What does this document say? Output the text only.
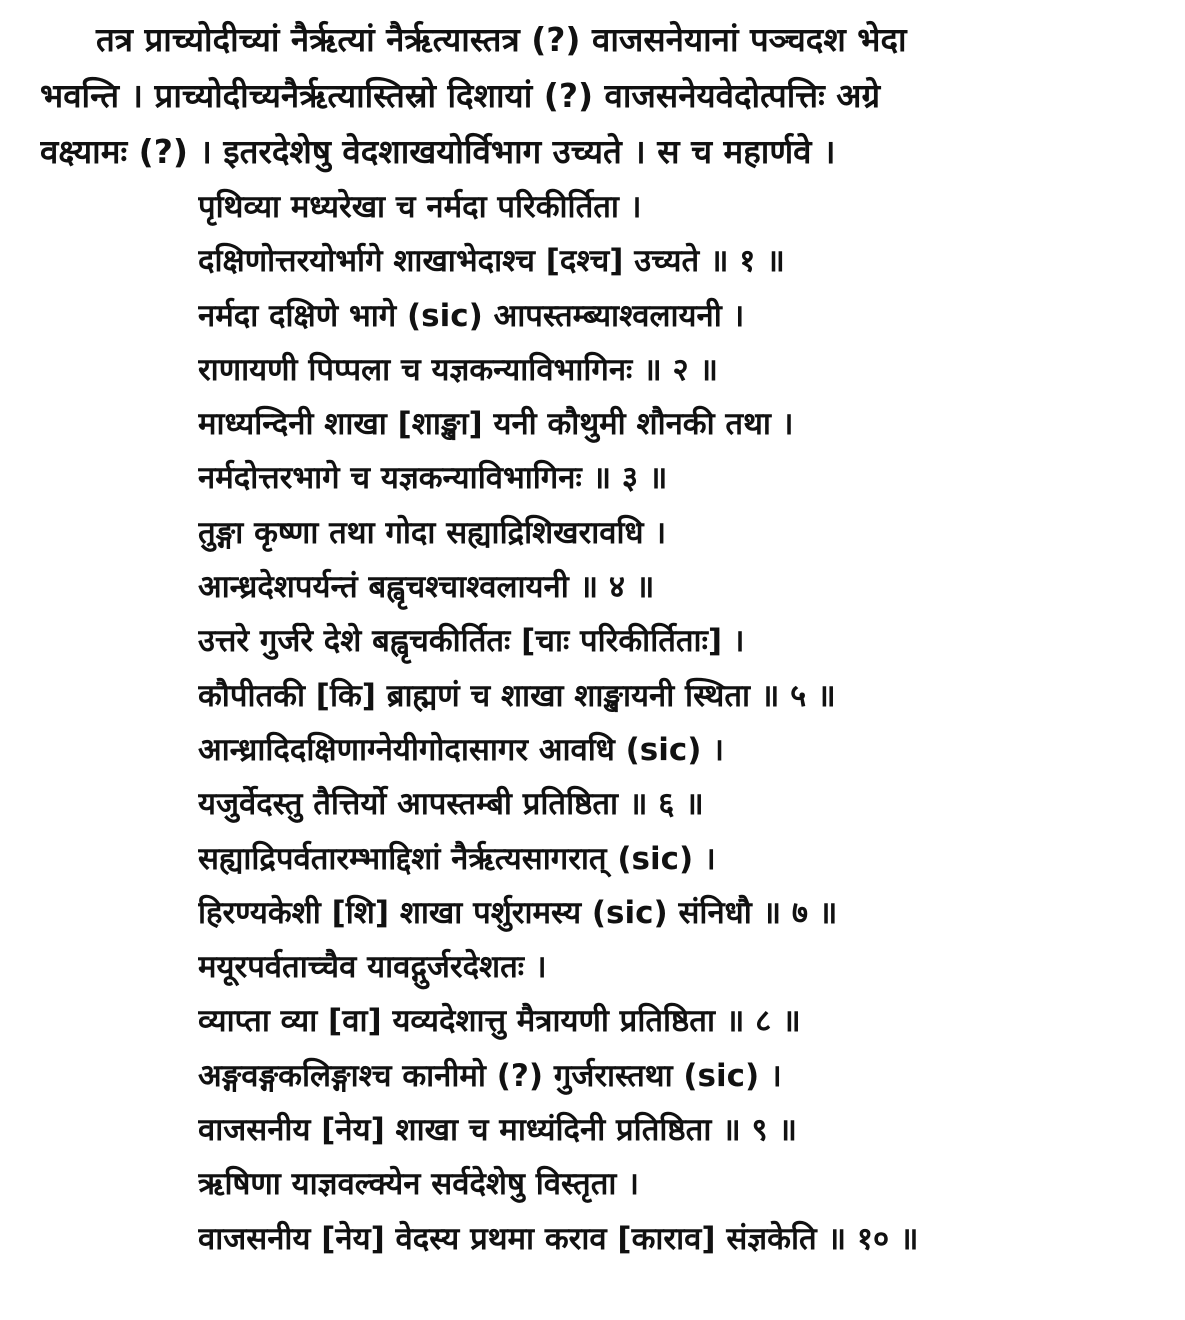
तत्र प्राच्योदीच्यां नैर्ऋत्यां नैर्ऋत्यास्तत्र (?) वाजसनेयानां पञ्चदश भेदा
भवन्ति । प्राच्योदीच्यनैर्ऋत्यास्तिस्रो दिशायां (?) वाजसनेयवेदोत्पत्तिः अग्रे
वक्ष्यामः (?) । इतरदेशेषु वेदशाखयोर्विभाग उच्यते । स च महार्णवे ।
पृथिव्या मध्यरेखा च नर्मदा परिकीर्तिता ।
दक्षिणोत्तरयोर्भागे शाखाभेदाश्च [दश्च] उच्यते ॥ १ ॥
नर्मदा दक्षिणे भागे (sic) आपस्तम्ब्याश्वलायनी ।
राणायणी पिप्पला च यज्ञकन्याविभागिनः ॥ २ ॥
माध्यन्दिनी शाखा [शाङ्खा] यनी कौथुमी शौनकी तथा ।
नर्मदोत्तरभागे च यज्ञकन्याविभागिनः ॥ ३ ॥
तुङ्गा कृष्णा तथा गोदा सह्याद्रिशिखरावधि ।
आन्ध्रदेशपर्यन्तं बह्वृचश्चाश्वलायनी ॥ ४ ॥
उत्तरे गुर्जरे देशे बह्वृचकीर्तितः [चाः परिकीर्तिताः] ।
कौपीतकी [कि] ब्राह्मणं च शाखा शाङ्खायनी स्थिता ॥ ५ ॥
आन्ध्रादिदक्षिणाग्नेयीगोदासागर आवधि (sic) ।
यजुर्वेदस्तु तैत्तिर्यो आपस्तम्बी प्रतिष्ठिता ॥ ६ ॥
सह्याद्रिपर्वतारम्भाद्दिशां नैर्ऋत्यसागरात् (sic) ।
हिरण्यकेशी [शि] शाखा पर्शुरामस्य (sic) संनिधौ ॥ ७ ॥
मयूरपर्वताच्चैव यावद्गुर्जरदेशतः ।
व्याप्ता व्या [वा] यव्यदेशात्तु मैत्रायणी प्रतिष्ठिता ॥ ८ ॥
अङ्गवङ्गकलिङ्गाश्च कानीमो (?) गुर्जरास्तथा (sic) ।
वाजसनीय [नेय] शाखा च माध्यंदिनी प्रतिष्ठिता ॥ ९ ॥
ऋषिणा याज्ञवल्क्येन सर्वदेशेषु विस्तृता ।
वाजसनीय [नेय] वेदस्य प्रथमा कराव [काराव] संज्ञकेति ॥ १० ॥
